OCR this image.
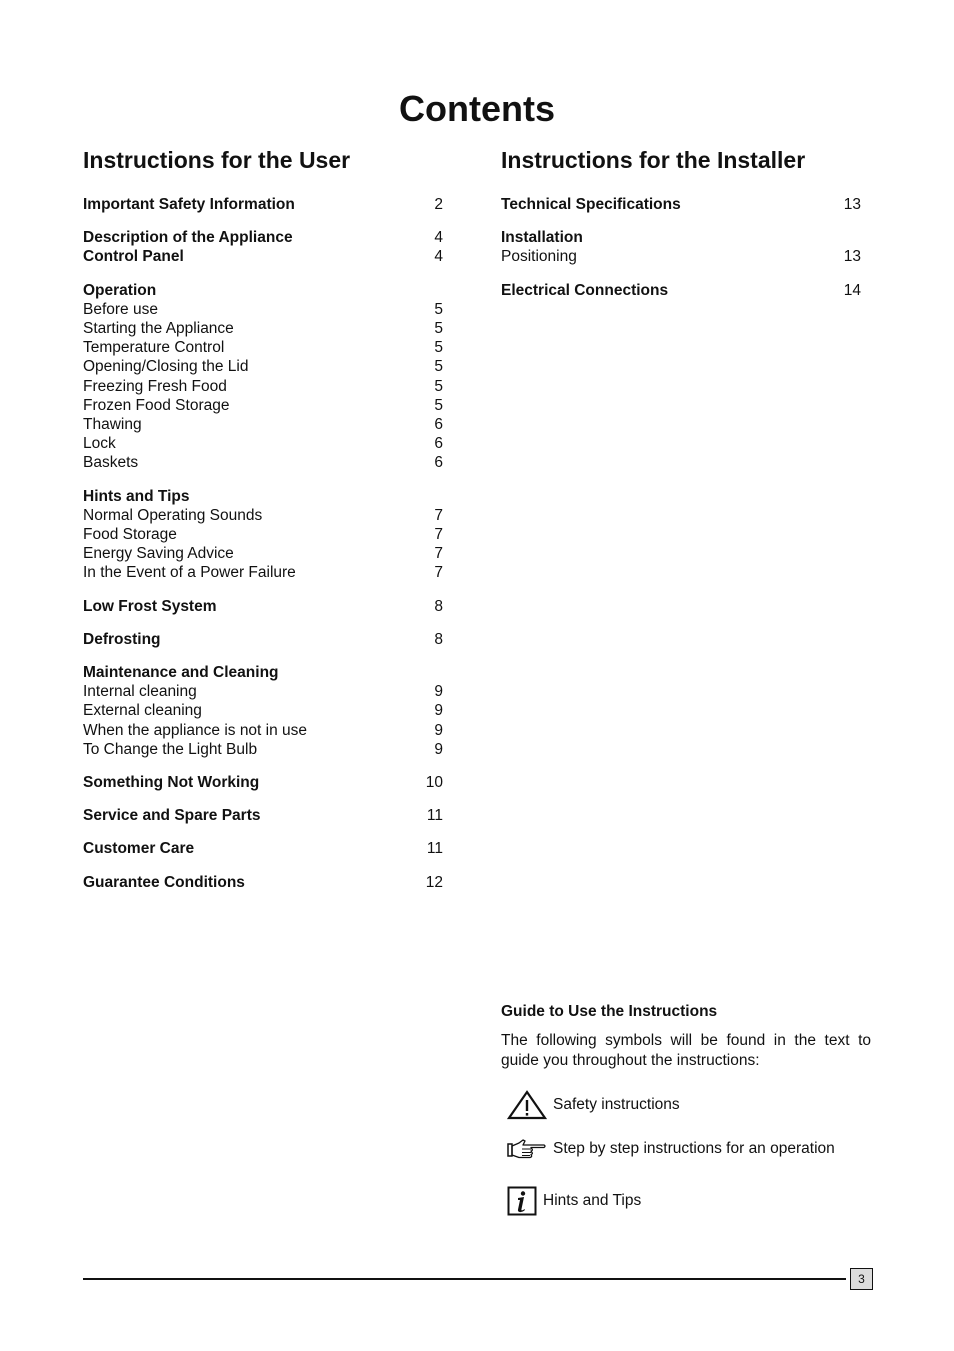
Contents
Instructions for the User
Important Safety Information	2
Description of the Appliance	4
Control Panel	4
Operation
Before use	5
Starting the Appliance	5
Temperature Control	5
Opening/Closing the Lid	5
Freezing Fresh Food	5
Frozen Food Storage	5
Thawing	6
Lock	6
Baskets	6
Hints and Tips
Normal Operating Sounds	7
Food Storage	7
Energy Saving Advice	7
In the Event of a Power Failure	7
Low Frost System	8
Defrosting	8
Maintenance and Cleaning
Internal cleaning	9
External cleaning	9
When the appliance is not in use	9
To Change the Light Bulb	9
Something Not Working	10
Service and Spare Parts	11
Customer Care	11
Guarantee Conditions	12
Instructions for the Installer
Technical Specifications	13
Installation
Positioning	13
Electrical Connections	14
Guide to Use the Instructions

The following symbols will be found in the text to guide you throughout the instructions:

Safety instructions
Step by step instructions for an operation
Hints and Tips
3
